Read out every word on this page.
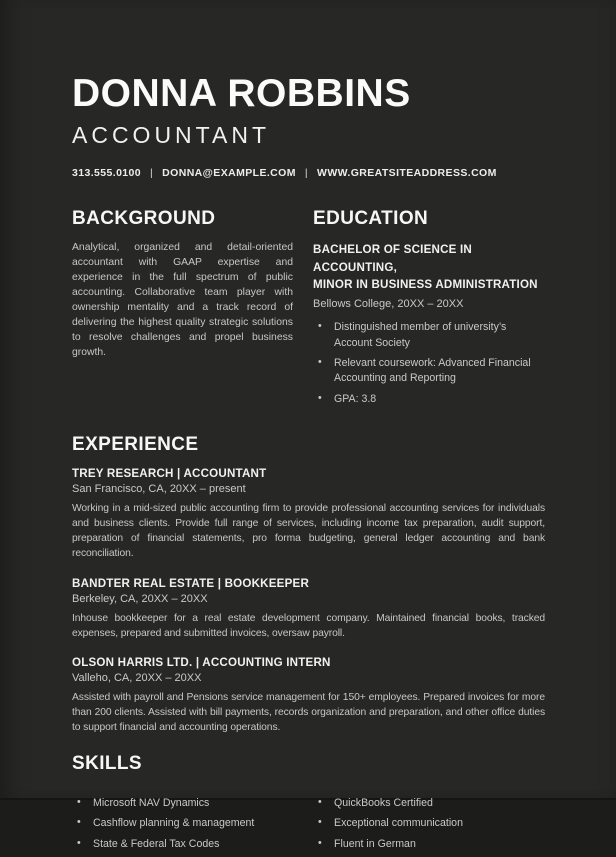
DONNA ROBBINS
ACCOUNTANT
313.555.0100 | DONNA@EXAMPLE.COM | WWW.GREATSITEADDRESS.COM
BACKGROUND

Analytical, organized and detail-oriented accountant with GAAP expertise and experience in the full spectrum of public accounting. Collaborative team player with ownership mentality and a track record of delivering the highest quality strategic solutions to resolve challenges and propel business growth.

EDUCATION
BACHELOR OF SCIENCE IN ACCOUNTING,
MINOR IN BUSINESS ADMINISTRATION
Bellows College, 20XX – 20XX
• Distinguished member of university’s Account Society
• Relevant coursework: Advanced Financial Accounting and Reporting
• GPA: 3.8
EXPERIENCE
TREY RESEARCH | ACCOUNTANT
San Francisco, CA, 20XX – present

Working in a mid-sized public accounting firm to provide professional accounting services for individuals and business clients. Provide full range of services, including income tax preparation, audit support, preparation of financial statements, pro forma budgeting, general ledger accounting and bank reconciliation.

BANDTER REAL ESTATE | BOOKKEEPER
Berkeley, CA, 20XX – 20XX

Inhouse bookkeeper for a real estate development company. Maintained financial books, tracked expenses, prepared and submitted invoices, oversaw payroll.

OLSON HARRIS LTD. | ACCOUNTING INTERN
Valleho, CA, 20XX – 20XX

Assisted with payroll and Pensions service management for 150+ employees. Prepared invoices for more than 200 clients. Assisted with bill payments, records organization and preparation, and other office duties to support financial and accounting operations.

SKILLS
• Microsoft NAV Dynamics
• Cashflow planning & management
• State & Federal Tax Codes
• QuickBooks Certified
• Exceptional communication
• Fluent in German
